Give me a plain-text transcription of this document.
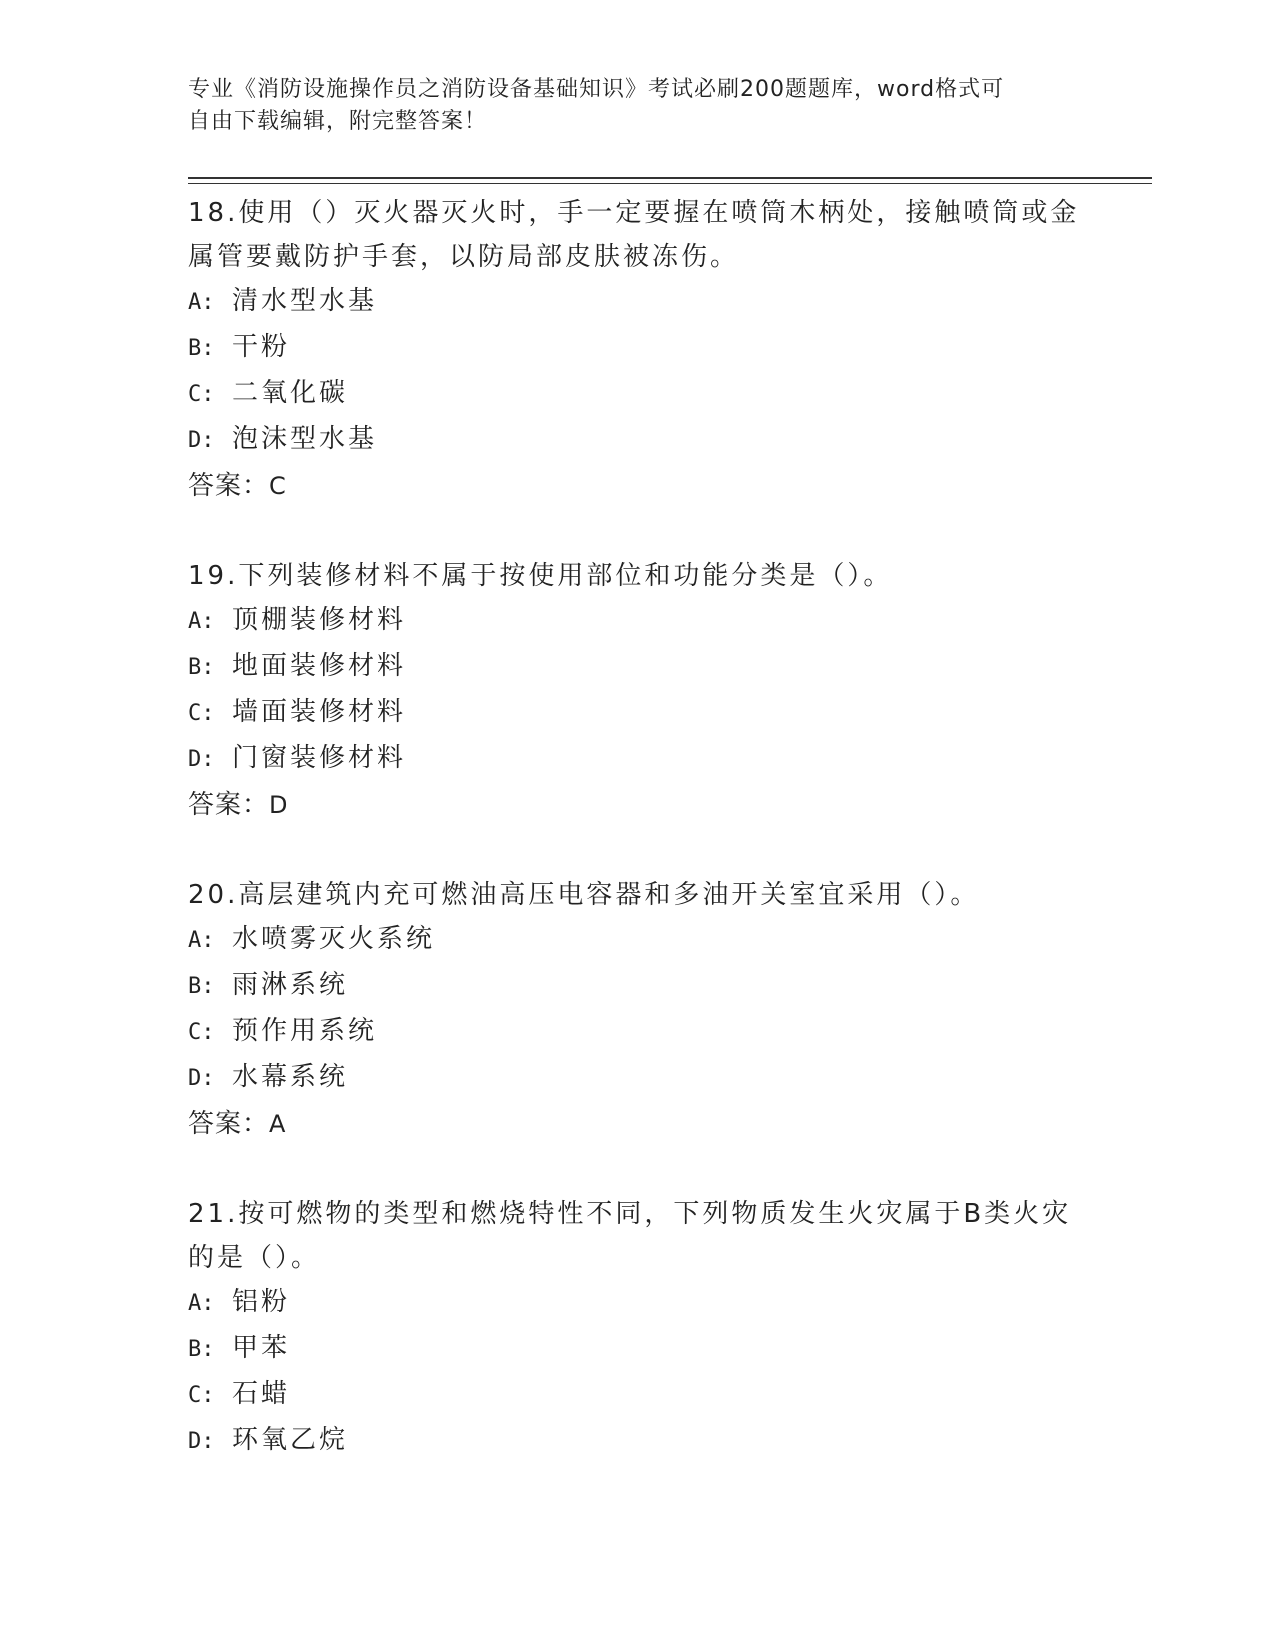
专业《消防设施操作员之消防设备基础知识》考试必刷200题题库，word格式可
自由下载编辑，附完整答案！
18.使用（）灭火器灭火时，手一定要握在喷筒木柄处，接触喷筒或金
属管要戴防护手套，以防局部皮肤被冻伤。
A: 清水型水基
B: 干粉
C: 二氧化碳
D: 泡沫型水基
答案：C
19.下列装修材料不属于按使用部位和功能分类是（）。
A: 顶棚装修材料
B: 地面装修材料
C: 墙面装修材料
D: 门窗装修材料
答案：D
20.高层建筑内充可燃油高压电容器和多油开关室宜采用（）。
A: 水喷雾灭火系统
B: 雨淋系统
C: 预作用系统
D: 水幕系统
答案：A
21.按可燃物的类型和燃烧特性不同，下列物质发生火灾属于B类火灾
的是（）。
A: 铝粉
B: 甲苯
C: 石蜡
D: 环氧乙烷
